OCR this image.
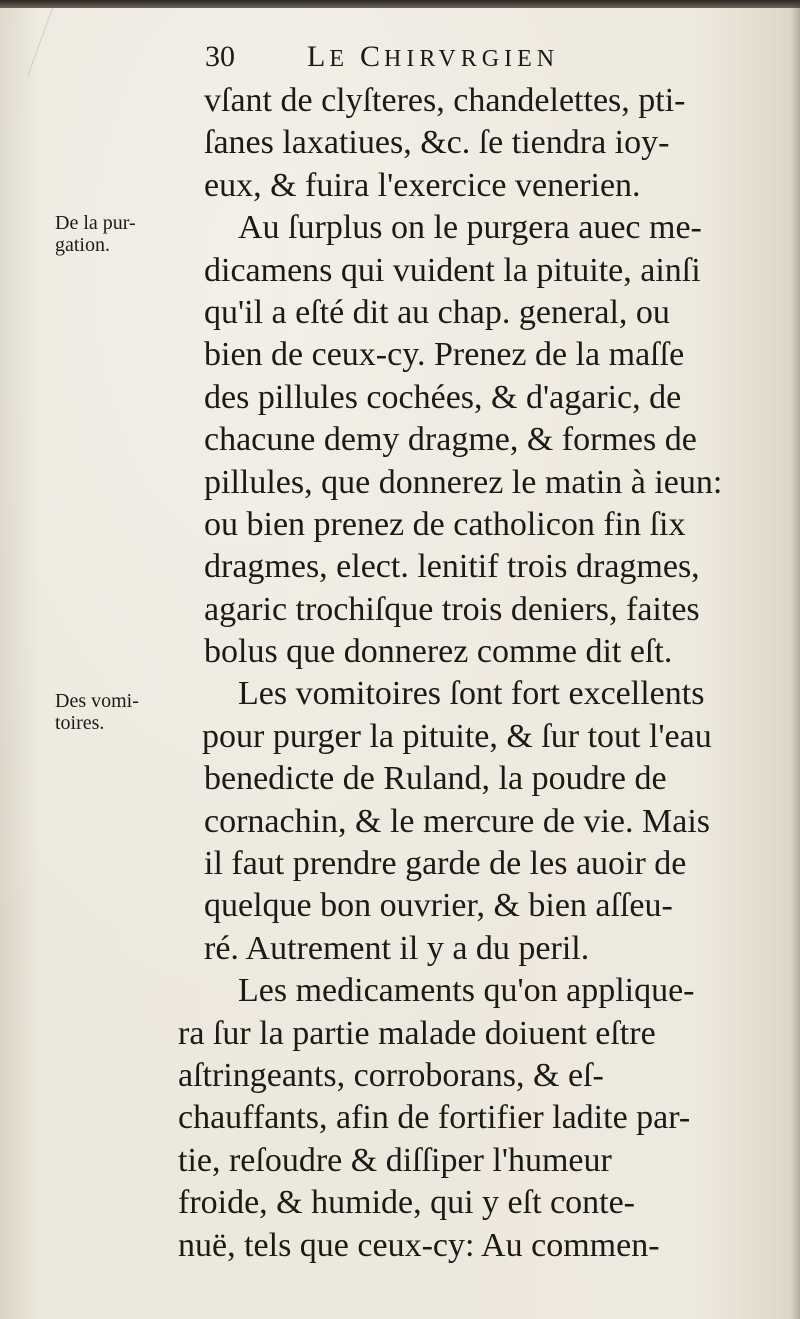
30 LE CHIRVRGIEN
De la pur-
gation.
Des vomi-
toires.
vſant de clyſteres, chandelettes, pti-
ſanes laxatiues, &c. ſe tiendra ioy-
eux, & fuira l'exercice venerien.
Au ſurplus on le purgera auec me-
dicamens qui vuident la pituite, ainſi
qu'il a eſté dit au chap. general, ou
bien de ceux-cy. Prenez de la maſſe
des pillules cochées, & d'agaric, de
chacune demy dragme, & formes de
pillules, que donnerez le matin à ieun:
ou bien prenez de catholicon fin ſix
dragmes, elect. lenitif trois dragmes,
agaric trochiſque trois deniers, faites
bolus que donnerez comme dit eſt.
Les vomitoires ſont fort excellents
pour purger la pituite, & ſur tout l'eau
benedicte de Ruland, la poudre de
cornachin, & le mercure de vie. Mais
il faut prendre garde de les auoir de
quelque bon ouvrier, & bien aſſeu-
ré. Autrement il y a du peril.
Les medicaments qu'on applique-
ra ſur la partie malade doiuent eſtre
aſtringeants, corroborans, & eſ-
chauffants, afin de fortifier ladite par-
tie, reſoudre & diſſiper l'humeur
froide, & humide, qui y eſt conte-
nuë, tels que ceux-cy: Au commen-
